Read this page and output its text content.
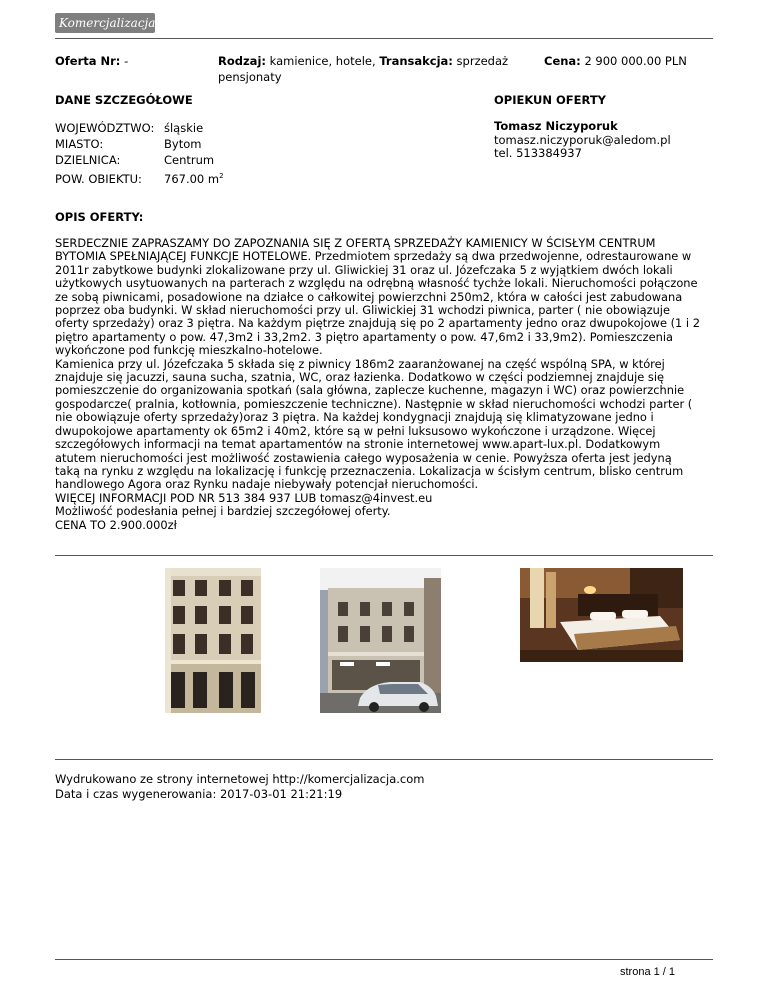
Komercjalizacja$^{biz}$
Oferta Nr: -	Rodzaj: kamienice, hotele, Transakcja: sprzedaż
pensjonaty
Cena: 2 900 000.00 PLN
DANE SZCZEGÓŁOWE
WOJEWÓDZTWO: śląskie
MIASTO:	Bytom
DZIELNICA:	Centrum
POW. OBIEKTU: 767.00 $m^2$
OPIEKUN OFERTY
Tomasz Niczyporuk
tomasz.niczyporuk@aledom.pl
tel. 513384937
OPIS OFERTY:

SERDECZNIE ZAPRASZAMY DO ZAPOZNANIA SIĘ Z OFERTĄ SPRZEDAŻY KAMIENICY W ŚCISŁYM CENTRUM

BYTOMIA SPEŁNIAJĄCEJ FUNKCJE HOTELOWE. Przedmiotem sprzedaży są dwa przedwojenne, odrestaurowane w

2011r zabytkowe budynki zlokalizowane przy ul. Gliwickiej 31 oraz ul. Józefczaka 5 z wyjątkiem dwóch lokali

użytkowych usytuowanych na parterach z względu na odrębną własność tychże lokali. Nieruchomości połączone

ze sobą piwnicami, posadowione na działce o całkowitej powierzchni 250m2, która w całości jest zabudowana

poprzez oba budynki. W skład nieruchomości przy ul. Gliwickiej 31 wchodzi piwnica, parter ( nie obowiązuje

oferty sprzedaży) oraz 3 piętra. Na każdym piętrze znajdują się po 2 apartamenty jedno oraz dwupokojowe (1 i 2

piętro apartamenty o pow. 47,3m2 i 33,2m2. 3 piętro apartamenty o pow. 47,6m2 i 33,9m2). Pomieszczenia

wykończone pod funkcję mieszkalno-hotelowe.

Kamienica przy ul. Józefczaka 5 składa się z piwnicy 186m2 zaaranżowanej na część wspólną SPA, w której

znajduje się jacuzzi, sauna sucha, szatnia, WC, oraz łazienka. Dodatkowo w części podziemnej znajduje się

pomieszczenie do organizowania spotkań (sala główna, zaplecze kuchenne, magazyn i WC) oraz powierzchnie

gospodarcze( pralnia, kotłownia, pomieszczenie techniczne). Następnie w skład nieruchomości wchodzi parter (

nie obowiązuje oferty sprzedaży)oraz 3 piętra. Na każdej kondygnacji znajdują się klimatyzowane jedno i

dwupokojowe apartamenty ok 65m2 i 40m2, które są w pełni luksusowo wykończone i urządzone. Więcej

szczegółowych informacji na temat apartamentów na stronie internetowej www.apart-lux.pl. Dodatkowym

atutem nieruchomości jest możliwość zostawienia całego wyposażenia w cenie. Powyższa oferta jest jedyną

taką na rynku z względu na lokalizację i funkcję przeznaczenia. Lokalizacja w ścisłym centrum, blisko centrum

handlowego Agora oraz Rynku nadaje niebywały potencjał nieruchomości.

WIĘCEJ INFORMACJI POD NR 513 384 937 LUB tomasz@4invest.eu

Możliwość podesłania pełnej i bardziej szczegółowej oferty.

CENA TO 2.900.000zł

Wydrukowano ze strony internetowej http://komercjalizacja.com
Data i czas wygenerowania: 2017-03-01 21:21:19
strona 1 / 1
